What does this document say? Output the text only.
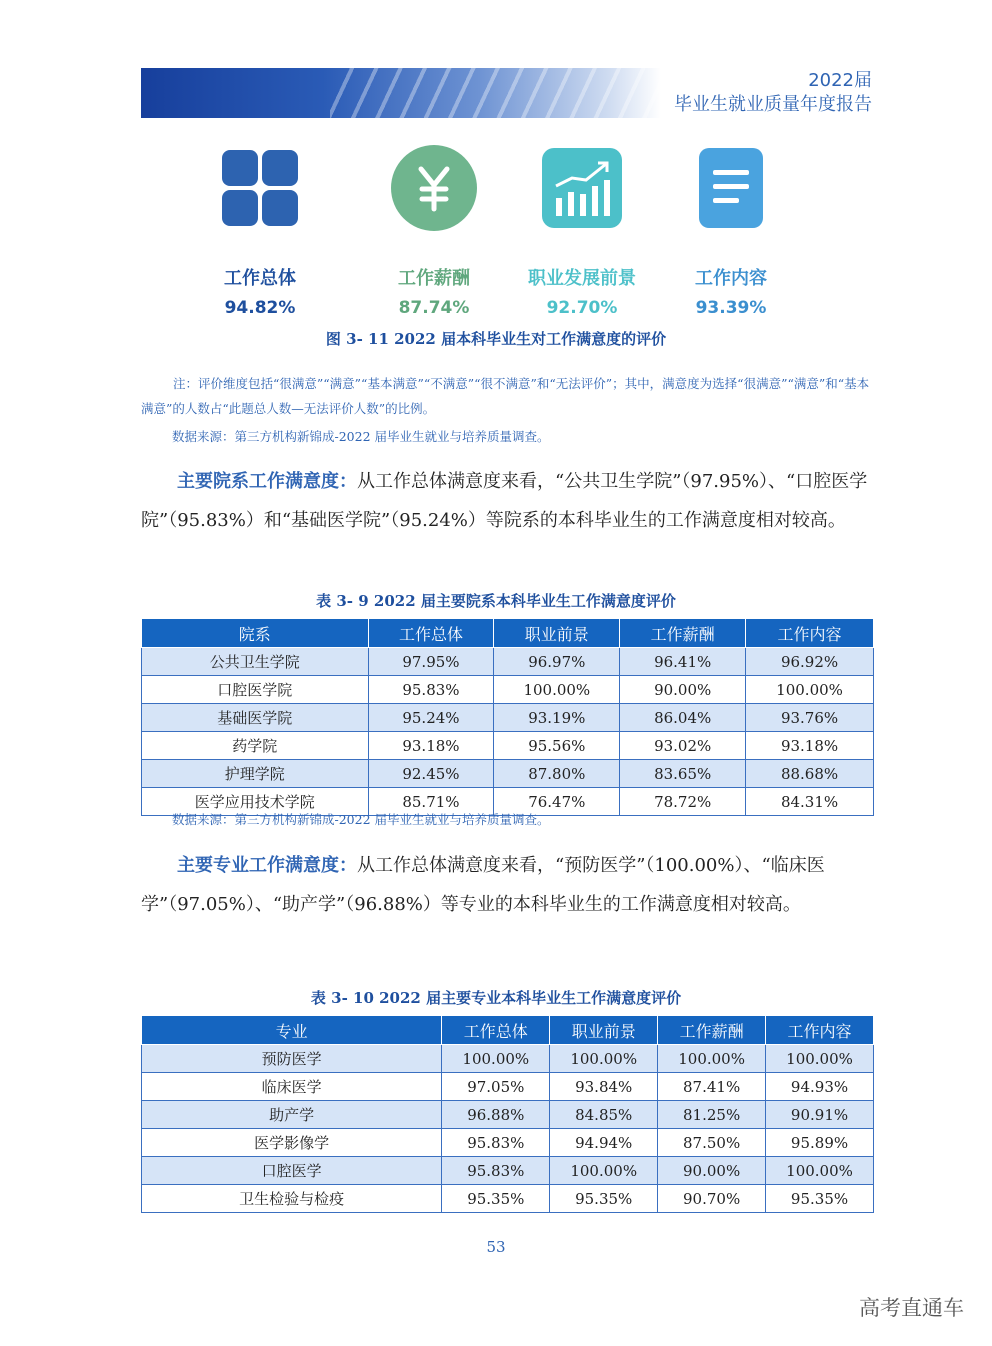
2022届
毕业生就业质量年度报告
工作总体
94.82%
工作薪酬
87.74%
职业发展前景
92.70%
工作内容
93.39%
图 3- 11 2022 届本科毕业生对工作满意度的评价
注：评价维度包括“很满意”“满意”“基本满意”“不满意”“很不满意”和“无法评价”；其中，满意度为选择“很满意”“满意”和“基本满意”的人数占“此题总人数—无法评价人数”的比例。
数据来源：第三方机构新锦成-2022 届毕业生就业与培养质量调查。
主要院系工作满意度：从工作总体满意度来看，“公共卫生学院”（97.95%）、“口腔医学院”（95.83%）和“基础医学院”（95.24%）等院系的本科毕业生的工作满意度相对较高。
表 3- 9 2022 届主要院系本科毕业生工作满意度评价
院系	工作总体	职业前景	工作薪酬	工作内容
公共卫生学院	97.95%	96.97%	96.41%	96.92%
口腔医学院	95.83%	100.00%	90.00%	100.00%
基础医学院	95.24%	93.19%	86.04%	93.76%
药学院	93.18%	95.56%	93.02%	93.18%
护理学院	92.45%	87.80%	83.65%	88.68%
医学应用技术学院	85.71%	76.47%	78.72%	84.31%
数据来源：第三方机构新锦成-2022 届毕业生就业与培养质量调查。
主要专业工作满意度：从工作总体满意度来看，“预防医学”（100.00%）、“临床医学”（97.05%）、“助产学”（96.88%）等专业的本科毕业生的工作满意度相对较高。
表 3- 10 2022 届主要专业本科毕业生工作满意度评价
专业	工作总体	职业前景	工作薪酬	工作内容
预防医学	100.00%	100.00%	100.00%	100.00%
临床医学	97.05%	93.84%	87.41%	94.93%
助产学	96.88%	84.85%	81.25%	90.91%
医学影像学	95.83%	94.94%	87.50%	95.89%
口腔医学	95.83%	100.00%	90.00%	100.00%
卫生检验与检疫	95.35%	95.35%	90.70%	95.35%
53
高考直通车
